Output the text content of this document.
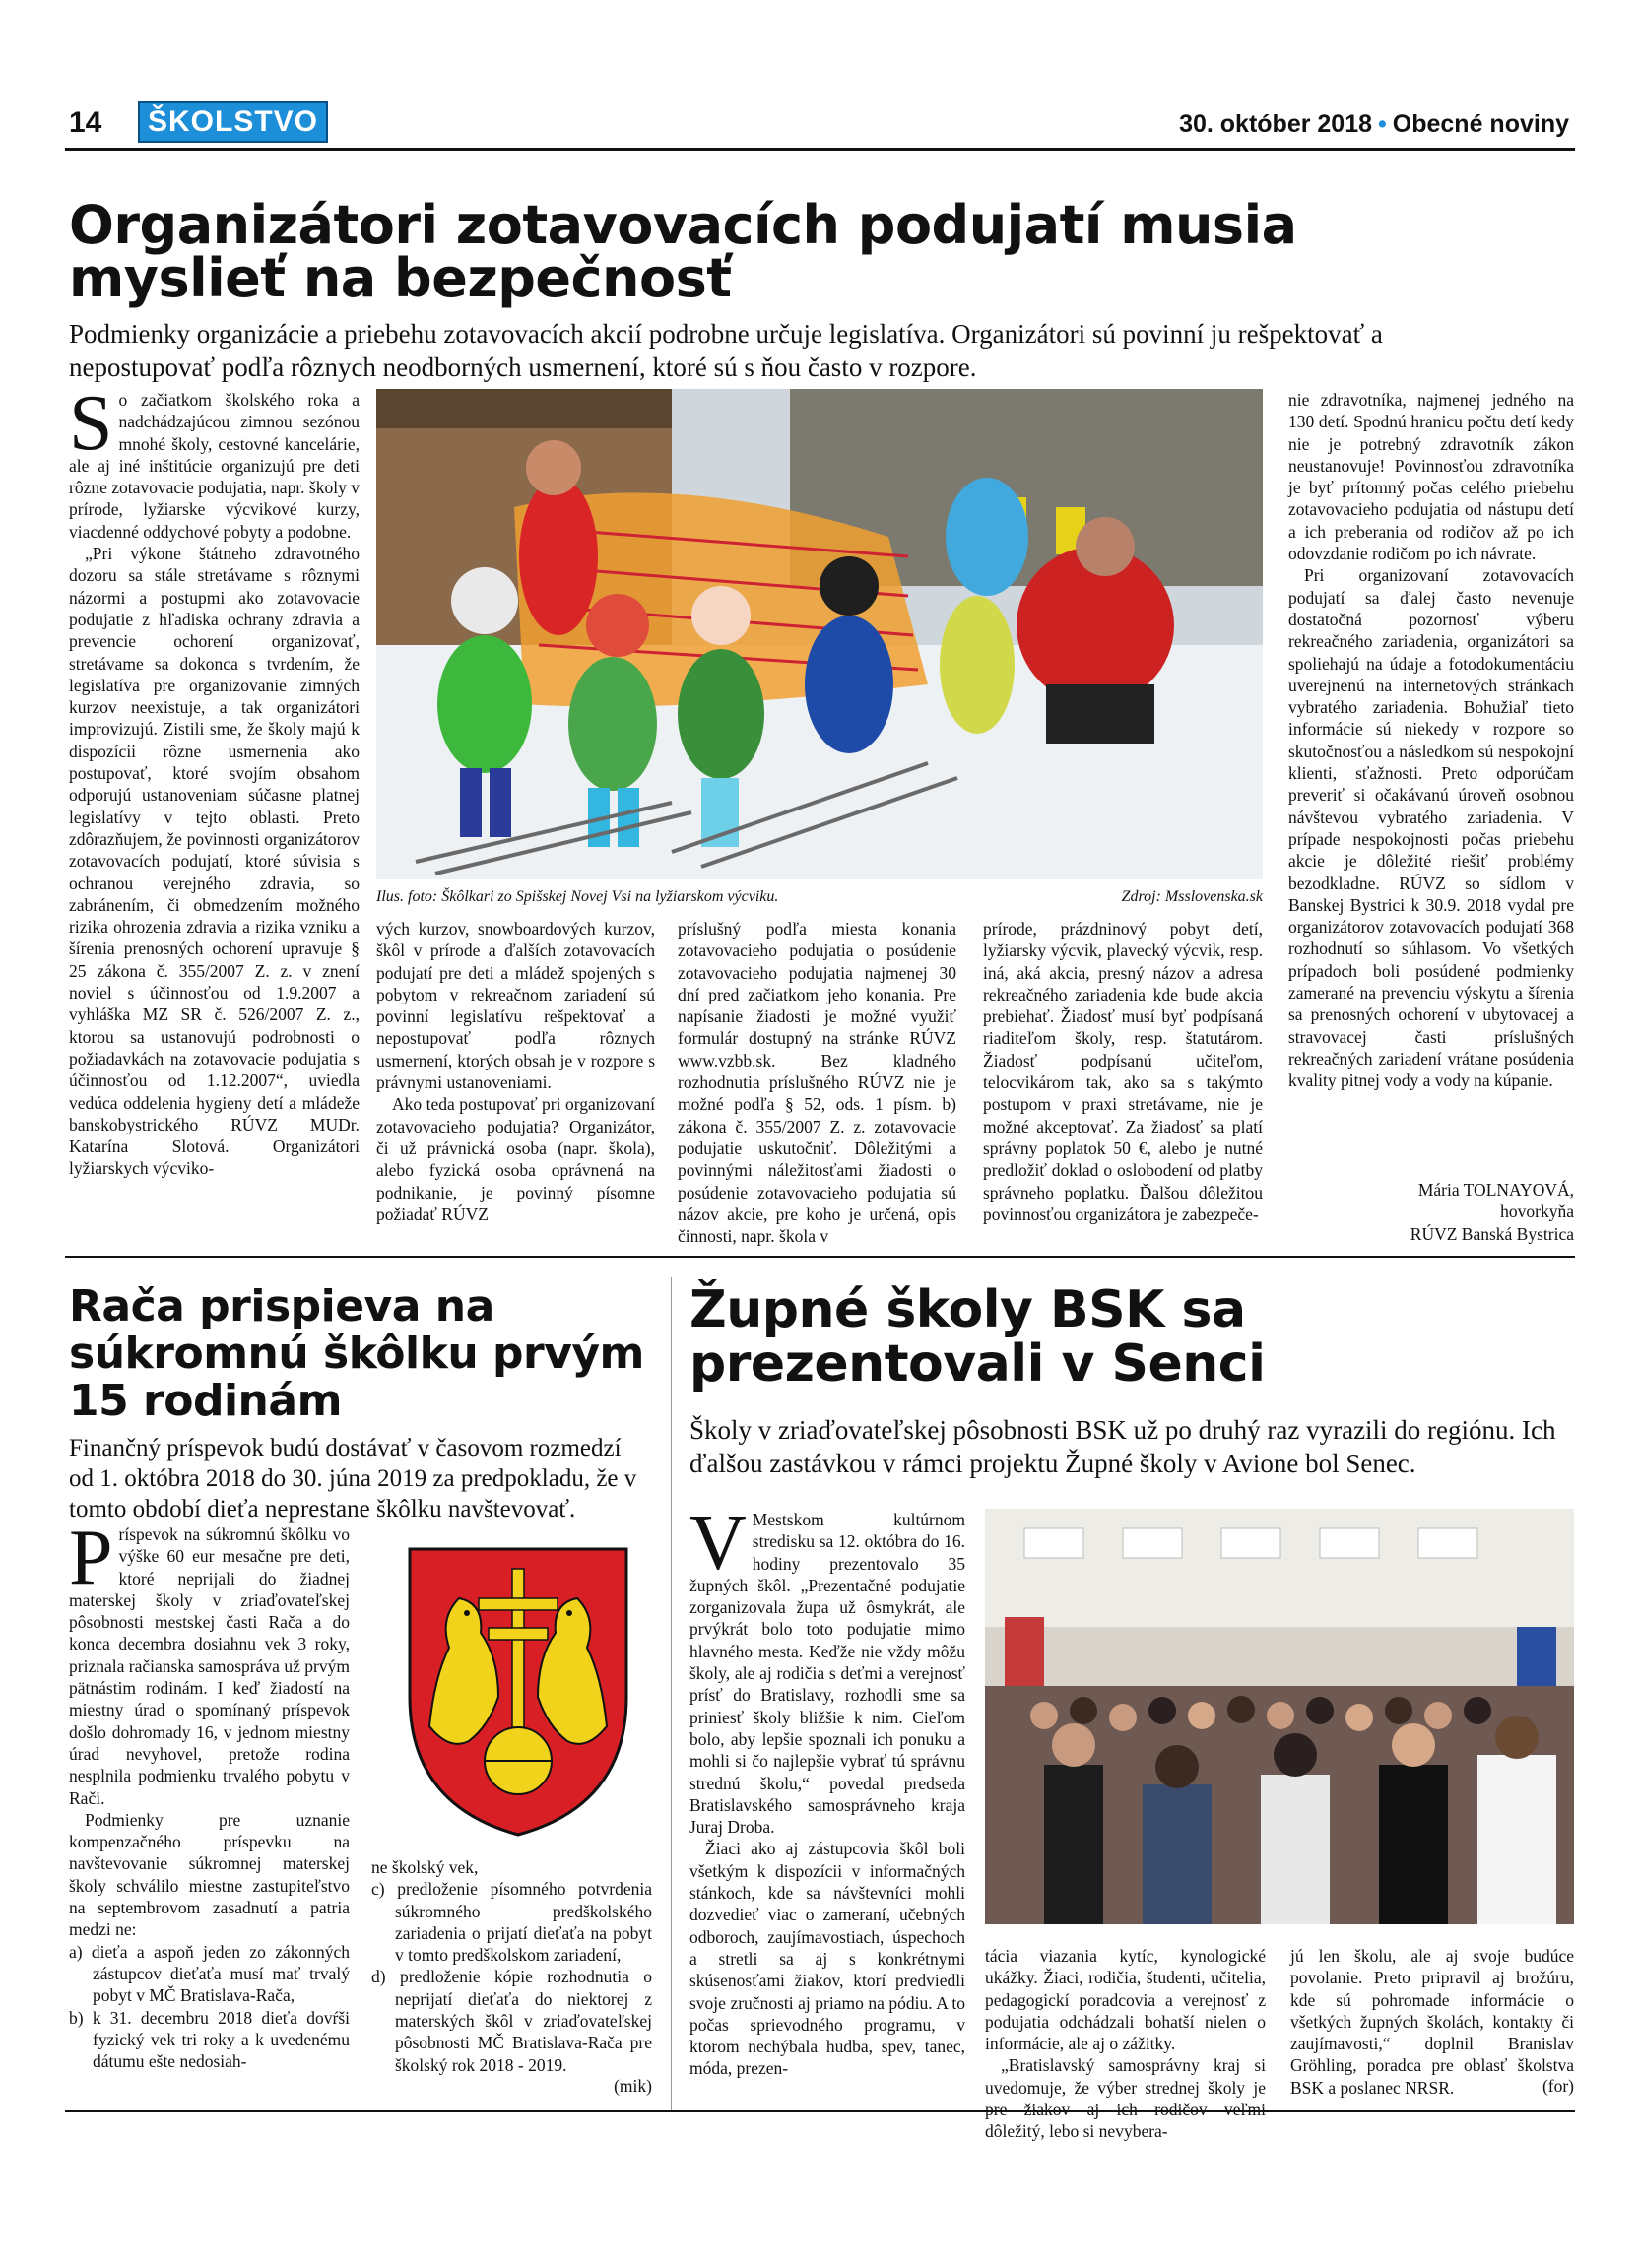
14	ŠKOLSTVO	30. október 2018 • Obecné noviny
Organizátori zotavovacích podujatí musia myslieť na bezpečnosť
Podmienky organizácie a priebehu zotavovacích akcií podrobne určuje legislatíva. Organizátori sú povinní ju rešpektovať a nepostupovať podľa rôznych neodborných usmernení, ktoré sú s ňou často v rozpore.

So začiatkom školského roka a nadchádzajúcou zimnou sezónou mnohé školy, cestovné kancelárie, ale aj iné inštitúcie organizujú pre deti rôzne zotavovacie podujatia, napr. školy v prírode, lyžiarske výcvikové kurzy, viacdenné oddychové pobyty a podobne.

„Pri výkone štátneho zdravotného dozoru sa stále stretávame s rôznymi názormi a postupmi ako zotavovacie podujatie z hľadiska ochrany zdravia a prevencie ochorení organizovať, stretávame sa dokonca s tvrdením, že legislatíva pre organizovanie zimných kurzov neexistuje, a tak organizátori improvizujú. Zistili sme, že školy majú k dispozícii rôzne usmernenia ako postupovať, ktoré svojím obsahom odporujú ustanoveniam súčasne platnej legislatívy v tejto oblasti. Preto zdôrazňujem, že povinnosti organizátorov zotavovacích podujatí, ktoré súvisia s ochranou verejného zdravia, so zabránením, či obmedzením možného rizika ohrozenia zdravia a rizika vzniku a šírenia prenosných ochorení upravuje § 25 zákona č. 355/2007 Z. z. v znení noviel s účinnosťou od 1.9.2007 a vyhláška MZ SR č. 526/2007 Z. z., ktorou sa ustanovujú podrobnosti o požiadavkách na zotavovacie podujatia s účinnosťou od 1.12.2007“, uviedla vedúca oddelenia hygieny detí a mládeže banskobystrického RÚVZ MUDr. Katarína Slotová. Organizátori lyžiarskych výcviko-

Ilus. foto: Škôlkari zo Spišskej Novej Vsi na lyžiarskom výcviku.	Zdroj: Msslovenska.sk

vých kurzov, snowboardových kurzov, škôl v prírode a ďalších zotavovacích podujatí pre deti a mládež spojených s pobytom v rekreačnom zariadení sú povinní legislatívu rešpektovať a nepostupovať podľa rôznych usmernení, ktorých obsah je v rozpore s právnymi ustanoveniami.

Ako teda postupovať pri organizovaní zotavovacieho podujatia? Organizátor, či už právnická osoba (napr. škola), alebo fyzická osoba oprávnená na podnikanie, je povinný písomne požiadať RÚVZ

príslušný podľa miesta konania zotavovacieho podujatia o posúdenie zotavovacieho podujatia najmenej 30 dní pred začiatkom jeho konania. Pre napísanie žiadosti je možné využiť formulár dostupný na stránke RÚVZ www.vzbb.sk. Bez kladného rozhodnutia príslušného RÚVZ nie je možné podľa § 52, ods. 1 písm. b) zákona č. 355/2007 Z. z. zotavovacie podujatie uskutočniť. Dôležitými a povinnými náležitosťami žiadosti o posúdenie zotavovacieho podujatia sú názov akcie, pre koho je určená, opis činnosti, napr. škola v

prírode, prázdninový pobyt detí, lyžiarsky výcvik, plavecký výcvik, resp. iná, aká akcia, presný názov a adresa rekreačného zariadenia kde bude akcia prebiehať. Žiadosť musí byť podpísaná riaditeľom školy, resp. štatutárom. Žiadosť podpísanú učiteľom, telocvikárom tak, ako sa s takýmto postupom v praxi stretávame, nie je možné akceptovať. Za žiadosť sa platí správny poplatok 50 €, alebo je nutné predložiť doklad o oslobodení od platby správneho poplatku. Ďalšou dôležitou povinnosťou organizátora je zabezpeče-

nie zdravotníka, najmenej jedného na 130 detí. Spodnú hranicu počtu detí kedy nie je potrebný zdravotník zákon neustanovuje! Povinnosťou zdravotníka je byť prítomný počas celého priebehu zotavovacieho podujatia od nástupu detí a ich preberania od rodičov až po ich odovzdanie rodičom po ich návrate.

Pri organizovaní zotavovacích podujatí sa ďalej často nevenuje dostatočná pozornosť výberu rekreačného zariadenia, organizátori sa spoliehajú na údaje a fotodokumentáciu uverejnenú na internetových stránkach vybratého zariadenia. Bohužiaľ tieto informácie sú niekedy v rozpore so skutočnosťou a následkom sú nespokojní klienti, sťažnosti. Preto odporúčam preveriť si očakávanú úroveň osobnou návštevou vybratého zariadenia. V prípade nespokojnosti počas priebehu akcie je dôležité riešiť problémy bezodkladne. RÚVZ so sídlom v Banskej Bystrici k 30.9. 2018 vydal pre organizátorov zotavovacích podujatí 368 rozhodnutí so súhlasom. Vo všetkých prípadoch boli posúdené podmienky zamerané na prevenciu výskytu a šírenia sa prenosných ochorení v ubytovacej a stravovacej časti príslušných rekreačných zariadení vrátane posúdenia kvality pitnej vody a vody na kúpanie.

Mária TOLNAYOVÁ,
hovorkyňa
RÚVZ Banská Bystrica
Rača prispieva na súkromnú škôlku prvým 15 rodinám
Finančný príspevok budú dostávať v časovom rozmedzí od 1. októbra 2018 do 30. júna 2019 za predpokladu, že v tomto období dieťa neprestane škôlku navštevovať.

Príspevok na súkromnú škôlku vo výške 60 eur mesačne pre deti, ktoré neprijali do žiadnej materskej školy v zriaďovateľskej pôsobnosti mestskej časti Rača a do konca decembra dosiahnu vek 3 roky, priznala račianska samospráva už prvým pätnástim rodinám. I keď žiadostí na miestny úrad o spomínaný príspevok došlo dohromady 16, v jednom miestny úrad nevyhovel, pretože rodina nesplnila podmienku trvalého pobytu v Rači.

Podmienky pre uznanie kompenzačného príspevku na navštevovanie súkromnej materskej školy schválilo miestne zastupiteľstvo na septembrovom zasadnutí a patria medzi ne:

a) dieťa a aspoň jeden zo zákonných zástupcov dieťaťa musí mať trvalý pobyt v MČ Bratislava-Rača,
b) k 31. decembru 2018 dieťa dovŕši fyzický vek tri roky a k uvedenému dátumu ešte nedosiah-

ne školský vek,

c) predloženie písomného potvrdenia súkromného predškolského zariadenia o prijatí dieťaťa na pobyt v tomto predškolskom zariadení,
d) predloženie kópie rozhodnutia o neprijatí dieťaťa do niektorej z materských škôl v zriaďovateľskej pôsobnosti MČ Bratislava-Rača pre školský rok 2018 - 2019.
(mik)
Župné školy BSK sa prezentovali v Senci
Školy v zriaďovateľskej pôsobnosti BSK už po druhý raz vyrazili do regiónu. Ich ďalšou zastávkou v rámci projektu Župné školy v Avione bol Senec.

V Mestskom kultúrnom stredisku sa 12. októbra do 16. hodiny prezentovalo 35 župných škôl. „Prezentačné podujatie zorganizovala župa už ôsmykrát, ale prvýkrát bolo toto podujatie mimo hlavného mesta. Keďže nie vždy môžu školy, ale aj rodičia s deťmi a verejnosť prísť do Bratislavy, rozhodli sme sa priniesť školy bližšie k nim. Cieľom bolo, aby lepšie spoznali ich ponuku a mohli si čo najlepšie vybrať tú správnu strednú školu,“ povedal predseda Bratislavského samosprávneho kraja Juraj Droba.

Žiaci ako aj zástupcovia škôl boli všetkým k dispozícii v informačných stánkoch, kde sa návštevníci mohli dozvedieť viac o zameraní, učebných odboroch, zaujímavostiach, úspechoch a stretli sa aj s konkrétnymi skúsenosťami žiakov, ktorí predviedli svoje zručnosti aj priamo na pódiu. A to počas sprievodného programu, v ktorom nechýbala hudba, spev, tanec, móda, prezen-

tácia viazania kytíc, kynologické ukážky. Žiaci, rodičia, študenti, učitelia, pedagogickí poradcovia a verejnosť z podujatia odchádzali bohatší nielen o informácie, ale aj o zážitky.

„Bratislavský samosprávny kraj si uvedomuje, že výber strednej školy je dôležitý, lebo si nevybera-

jú len školu, ale aj svoje budúce povolanie. Preto pripravil aj brožúru, kde sú pohromade informácie o všetkých župných školách, kontakty či zaujímavosti,“ doplnil Branislav Gröhling, poradca pre oblasť školstva BSK a poslanec NRSR.	(for)
